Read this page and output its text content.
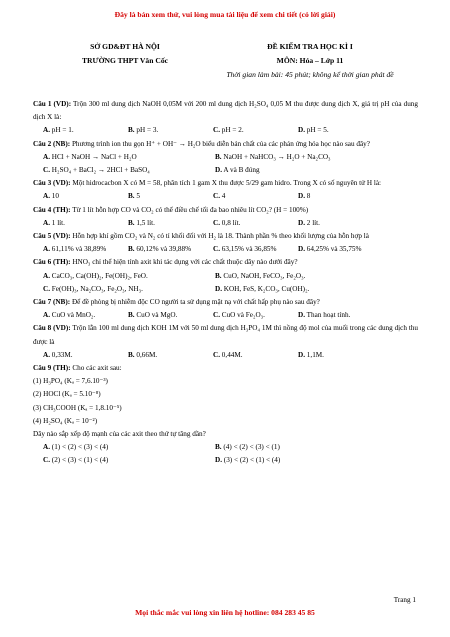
Đây là bản xem thử, vui lòng mua tài liệu để xem chi tiết (có lời giải)
SỞ GD&ĐT HÀ NỘI
TRƯỜNG THPT Văn Cốc
ĐỀ KIỂM TRA HỌC KÌ I
MÔN: Hóa – Lớp 11
Thời gian làm bài: 45 phút; không kể thời gian phát đề
Câu 1 (VD): Trộn 300 ml dung dịch NaOH 0,05M với 200 ml dung dịch H₂SO₄ 0,05 M thu được dung dịch X, giá trị pH của dung dịch X là:
A. pH = 1.	B. pH = 3.	C. pH = 2.	D. pH = 5.
Câu 2 (NB): Phương trình ion thu gọn H⁺ + OH⁻ → H₂O biểu diễn bản chất của các phản ứng hóa học nào sau đây?
A. HCl + NaOH → NaCl + H₂O	B. NaOH + NaHCO₃ → H₂O + Na₂CO₃
C. H₂SO₄ + BaCl₂ → 2HCl + BaSO₄	D. A và B đúng
Câu 3 (VD): Một hidrocacbon X có M = 58, phân tích 1 gam X thu được 5/29 gam hidro. Trong X có số nguyên tử H là:
A. 10	B. 5	C. 4	D. 8
Câu 4 (TH): Từ 1 lít hỗn hợp CO và CO₂ có thể điều chế tối đa bao nhiêu lít CO₂? (H = 100%)
A. 1 lít.	B. 1,5 lít.	C. 0,8 lít.	D. 2 lít.
Câu 5 (VD): Hỗn hợp khí gồm CO₂ và N₂ có tỉ khối đối với H₂ là 18. Thành phần % theo khối lượng của hỗn hợp là
A. 61,11% và 38,89%	B. 60,12% và 39,88%	C. 63,15% và 36,85%	D. 64,25% và 35,75%
Câu 6 (TH): HNO₃ chỉ thể hiện tính axit khi tác dụng với các chất thuộc dãy nào dưới đây?
A. CaCO₃, Ca(OH)₂, Fe(OH)₂, FeO.	B. CuO, NaOH, FeCO₃, Fe₂O₃.
C. Fe(OH)₃, Na₂CO₃, Fe₂O₃, NH₃.	D. KOH, FeS, K₂CO₃, Cu(OH)₂.
Câu 7 (NB): Để đề phòng bị nhiễm độc CO người ta sử dụng mặt nạ với chất hấp phụ nào sau đây?
A. CuO và MnO₂.	B. CuO và MgO.	C. CuO và Fe₂O₃.	D. Than hoạt tính.
Câu 8 (VD): Trộn lẫn 100 ml dung dịch KOH 1M với 50 ml dung dịch H₃PO₄ 1M thì nồng độ mol của muối trong các dung dịch thu được là
A. 0,33M.	B. 0,66M.	C. 0,44M.	D. 1,1M.
Câu 9 (TH): Cho các axit sau:
(1) H₃PO₄ (Kₐ = 7,6.10⁻³)
(2) HOCl (Kₐ = 5.10⁻⁸)
(3) CH₃COOH (Kₐ = 1,8.10⁻⁵)
(4) H₂SO₄ (Kₐ = 10⁻²)
Dãy nào sắp xếp độ mạnh của các axit theo thứ tự tăng dần?
A. (1) < (2) < (3) < (4)	B. (4) < (2) < (3) < (1)
C. (2) < (3) < (1) < (4)	D. (3) < (2) < (1) < (4)
Trang 1
Mọi thắc mắc vui lòng xin liên hệ hotline: 084 283 45 85
